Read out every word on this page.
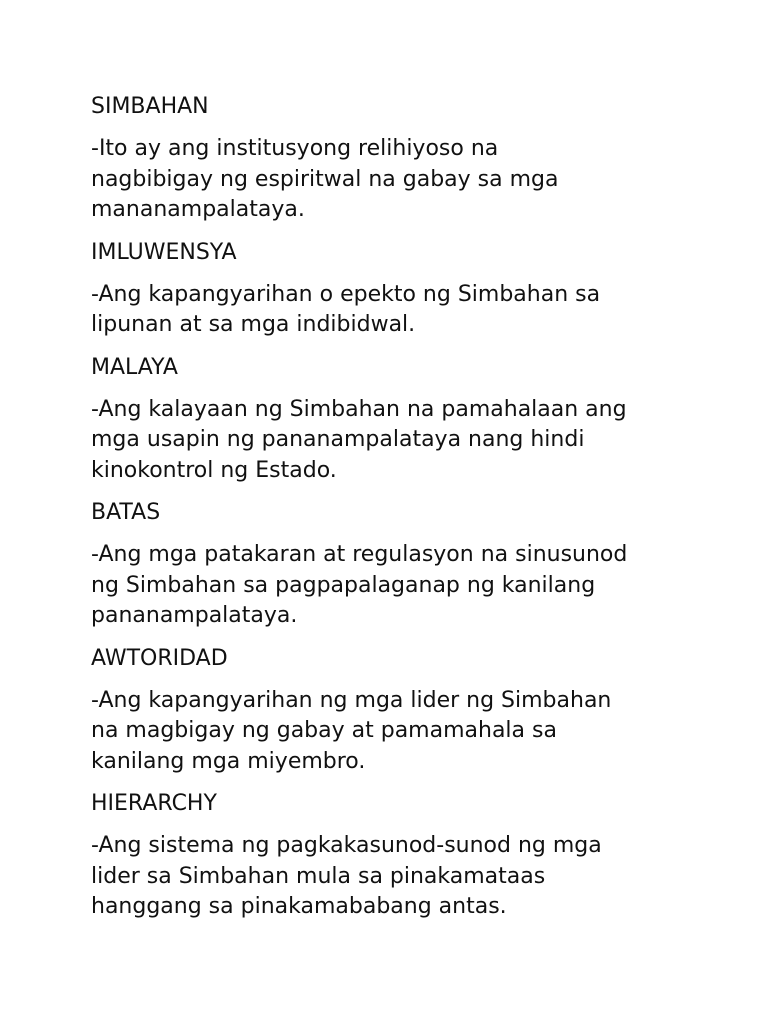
SIMBAHAN

-Ito ay ang institusyong relihiyoso na
nagbibigay ng espiritwal na gabay sa mga
mananampalataya.

IMLUWENSYA

-Ang kapangyarihan o epekto ng Simbahan sa
lipunan at sa mga indibidwal.

MALAYA

-Ang kalayaan ng Simbahan na pamahalaan ang
mga usapin ng pananampalataya nang hindi
kinokontrol ng Estado.

BATAS

-Ang mga patakaran at regulasyon na sinusunod
ng Simbahan sa pagpapalaganap ng kanilang
pananampalataya.

AWTORIDAD

-Ang kapangyarihan ng mga lider ng Simbahan
na magbigay ng gabay at pamamahala sa
kanilang mga miyembro.

HIERARCHY

-Ang sistema ng pagkakasunod-sunod ng mga
lider sa Simbahan mula sa pinakamataas
hanggang sa pinakamababang antas.
